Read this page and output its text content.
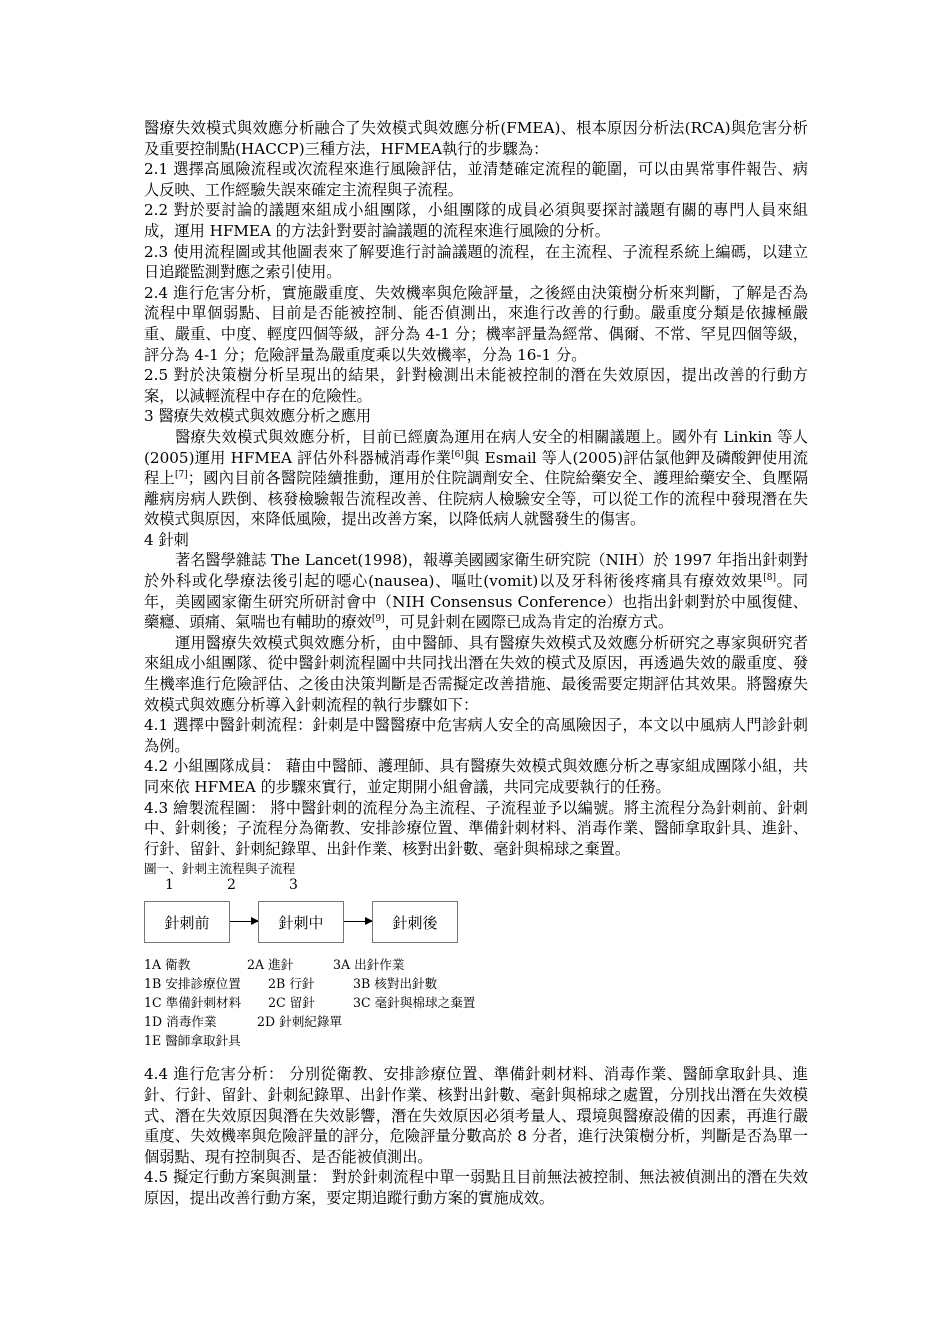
醫療失效模式與效應分析融合了失效模式與效應分析(FMEA)、根本原因分析法(RCA)與危害分析及重要控制點(HACCP)三種方法，HFMEA執行的步驟為：

2.1 選擇高風險流程或次流程來進行風險評估，並清楚確定流程的範圍，可以由異常事件報告、病人反映、工作經驗失誤來確定主流程與子流程。

2.2 對於要討論的議題來組成小組團隊，小組團隊的成員必須與要探討議題有關的專門人員來組成，運用 HFMEA 的方法針對要討論議題的流程來進行風險的分析。

2.3 使用流程圖或其他圖表來了解要進行討論議題的流程，在主流程、子流程系統上編碼，以建立日追蹤監測對應之索引使用。

2.4 進行危害分析，實施嚴重度、失效機率與危險評量，之後經由決策樹分析來判斷，了解是否為流程中單個弱點、目前是否能被控制、能否偵測出，來進行改善的行動。嚴重度分類是依據極嚴重、嚴重、中度、輕度四個等級，評分為 4-1 分；機率評量為經常、偶爾、不常、罕見四個等級，評分為 4-1 分；危險評量為嚴重度乘以失效機率，分為 16-1 分。

2.5 對於決策樹分析呈現出的結果，針對檢測出未能被控制的潛在失效原因，提出改善的行動方案，以減輕流程中存在的危險性。

3 醫療失效模式與效應分析之應用

醫療失效模式與效應分析，目前已經廣為運用在病人安全的相關議題上。國外有 Linkin 等人(2005)運用 HFMEA 評估外科器械消毒作業[6]與 Esmail 等人(2005)評估氯他鉀及磷酸鉀使用流程上[7]；國內目前各醫院陸續推動，運用於住院調劑安全、住院給藥安全、護理給藥安全、負壓隔離病房病人跌倒、核發檢驗報告流程改善、住院病人檢驗安全等，可以從工作的流程中發現潛在失效模式與原因，來降低風險，提出改善方案，以降低病人就醫發生的傷害。

4 針刺

著名醫學雜誌 The Lancet(1998)，報導美國國家衛生研究院（NIH）於 1997 年指出針刺對於外科或化學療法後引起的噁心(nausea)、嘔吐(vomit)以及牙科術後疼痛具有療效效果[8]。同年，美國國家衛生研究所研討會中（NIH Consensus Conference）也指出針刺對於中風復健、藥癮、頭痛、氣喘也有輔助的療效[9]，可見針刺在國際已成為肯定的治療方式。

運用醫療失效模式與效應分析，由中醫師、具有醫療失效模式及效應分析研究之專家與研究者來組成小組團隊、從中醫針刺流程圖中共同找出潛在失效的模式及原因，再透過失效的嚴重度、發生機率進行危險評估、之後由決策判斷是否需擬定改善措施、最後需要定期評估其效果。將醫療失效模式與效應分析導入針刺流程的執行步驟如下：

4.1 選擇中醫針刺流程：針刺是中醫醫療中危害病人安全的高風險因子，本文以中風病人門診針刺為例。

4.2 小組團隊成員： 藉由中醫師、護理師、具有醫療失效模式與效應分析之專家組成團隊小組，共同來依 HFMEA 的步驟來實行，並定期開小組會議，共同完成要執行的任務。

4.3 繪製流程圖： 將中醫針刺的流程分為主流程、子流程並予以編號。將主流程分為針刺前、針刺中、針刺後；子流程分為衛教、安排診療位置、準備針刺材料、消毒作業、醫師拿取針具、進針、行針、留針、針刺紀錄單、出針作業、核對出針數、毫針與棉球之棄置。

圖一、針刺主流程與子流程
1	2	3
針刺前	針刺中	針刺後
1A 衛教	2A 進針	3A 出針作業
1B 安排診療位置 2B 行針	3B 核對出針數
1C 準備針刺材料 2C 留針	3C 毫針與棉球之棄置
1D 消毒作業	2D 針刺紀錄單
1E 醫師拿取針具

4.4 進行危害分析： 分別從衛教、安排診療位置、準備針刺材料、消毒作業、醫師拿取針具、進針、行針、留針、針刺紀錄單、出針作業、核對出針數、毫針與棉球之處置，分別找出潛在失效模式、潛在失效原因與潛在失效影響，潛在失效原因必須考量人、環境與醫療設備的因素，再進行嚴重度、失效機率與危險評量的評分，危險評量分數高於 8 分者，進行決策樹分析，判斷是否為單一個弱點、現有控制與否、是否能被偵測出。

4.5 擬定行動方案與測量： 對於針刺流程中單一弱點且目前無法被控制、無法被偵測出的潛在失效原因，提出改善行動方案，要定期追蹤行動方案的實施成效。
